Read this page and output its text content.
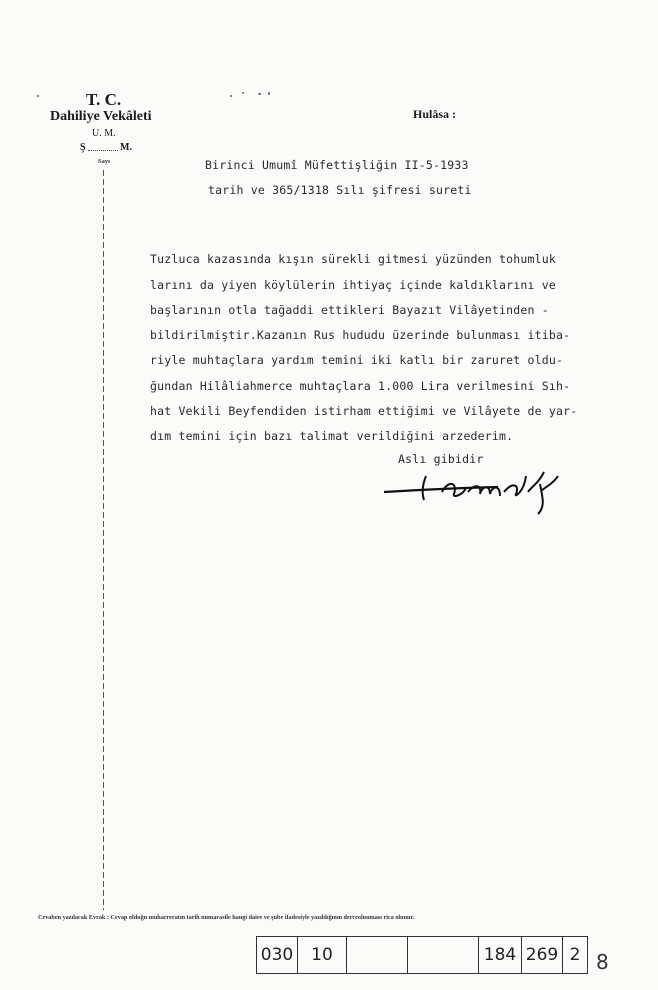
T. C.
Dahiliye Vekâleti
U. M.
Ş	M.
Sayı
Hulâsa :
Birinci Umumî Müfettişliğin II-5-1933
tarih ve 365/1318 Sılı şifresi sureti
Tuzluca kazasında kışın sürekli gitmesi yüzünden tohumluk
larını da yiyen köylülerin ihtiyaç içinde kaldıklarını ve
başlarının otla tağaddi ettikleri Bayazıt Vilâyetinden -
bildirilmiştir.Kazanın Rus hududu üzerinde bulunması itiba-
riyle muhtaçlara yardım temini iki katlı bir zaruret oldu-
ğundan Hilâliahmerce muhtaçlara 1.000 Lira verilmesini Sıh-
hat Vekili Beyfendiden istirham ettiğimi ve Vilâyete de yar-
dım temini için bazı talimat verildiğini arzederim.
Aslı gibidir
Cevaben yazılacak Evrak : Cevap olduğu muharreratın tarih numarasile hangi daire ve şube ifadesiyle yazıldığının derceolunması rica olunur.
030	10	184 269 2 8
